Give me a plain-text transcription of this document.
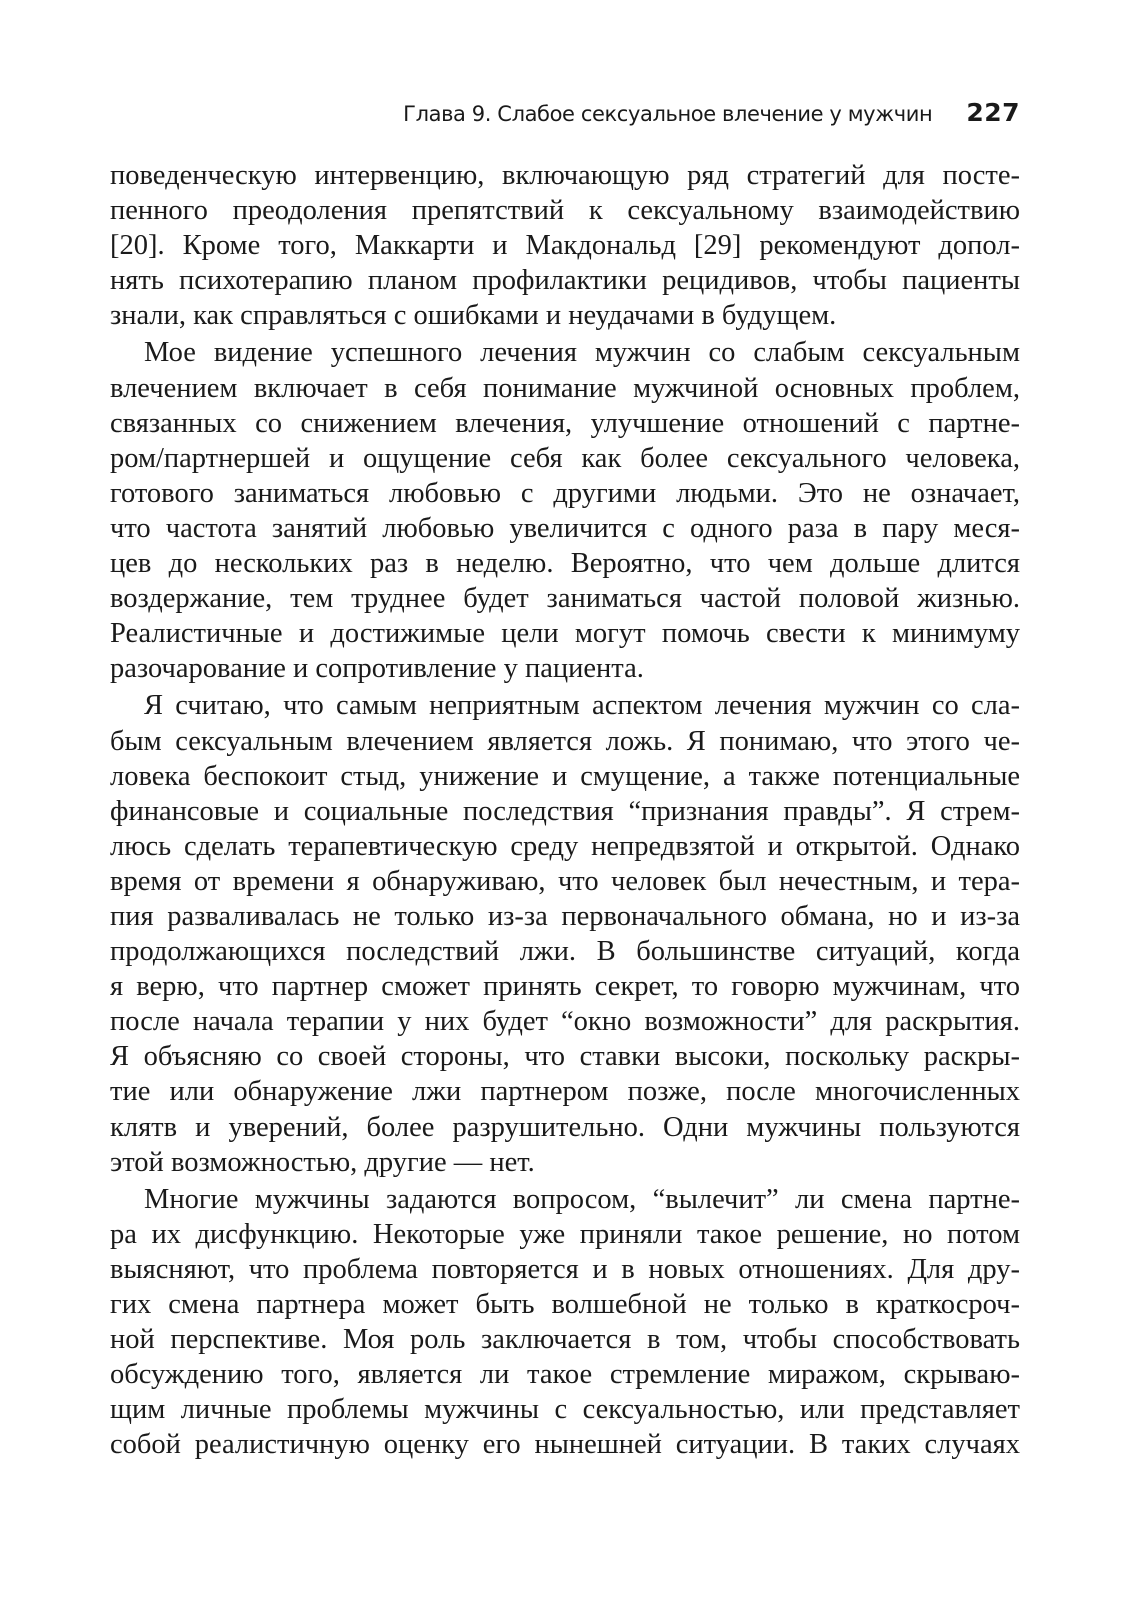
Глава 9. Слабое сексуальное влечение у мужчин 227

поведенческую интервенцию, включающую ряд стратегий для посте-
пенного преодоления препятствий к сексуальному взаимодействию
[20]. Кроме того, Маккарти и Макдональд [29] рекомендуют допол-
нять психотерапию планом профилактики рецидивов, чтобы пациенты
знали, как справляться с ошибками и неудачами в будущем.

Мое видение успешного лечения мужчин со слабым сексуальным
влечением включает в себя понимание мужчиной основных проблем,
связанных со снижением влечения, улучшение отношений с партне-
ром/партнершей и ощущение себя как более сексуального человека,
готового заниматься любовью с другими людьми. Это не означает,
что частота занятий любовью увеличится с одного раза в пару меся-
цев до нескольких раз в неделю. Вероятно, что чем дольше длится
воздержание, тем труднее будет заниматься частой половой жизнью.
Реалистичные и достижимые цели могут помочь свести к минимуму
разочарование и сопротивление у пациента.

Я считаю, что самым неприятным аспектом лечения мужчин со сла-
бым сексуальным влечением является ложь. Я понимаю, что этого че-
ловека беспокоит стыд, унижение и смущение, а также потенциальные
финансовые и социальные последствия “признания правды”. Я стрем-
люсь сделать терапевтическую среду непредвзятой и открытой. Однако
время от времени я обнаруживаю, что человек был нечестным, и тера-
пия разваливалась не только из-за первоначального обмана, но и из-за
продолжающихся последствий лжи. В большинстве ситуаций, когда
я верю, что партнер сможет принять секрет, то говорю мужчинам, что
после начала терапии у них будет “окно возможности” для раскрытия.
Я объясняю со своей стороны, что ставки высоки, поскольку раскры-
тие или обнаружение лжи партнером позже, после многочисленных
клятв и уверений, более разрушительно. Одни мужчины пользуются
этой возможностью, другие — нет.

Многие мужчины задаются вопросом, “вылечит” ли смена партне-
ра их дисфункцию. Некоторые уже приняли такое решение, но потом
выясняют, что проблема повторяется и в новых отношениях. Для дру-
гих смена партнера может быть волшебной не только в краткосроч-
ной перспективе. Моя роль заключается в том, чтобы способствовать
обсуждению того, является ли такое стремление миражом, скрываю-
щим личные проблемы мужчины с сексуальностью, или представляет
собой реалистичную оценку его нынешней ситуации. В таких случаях
